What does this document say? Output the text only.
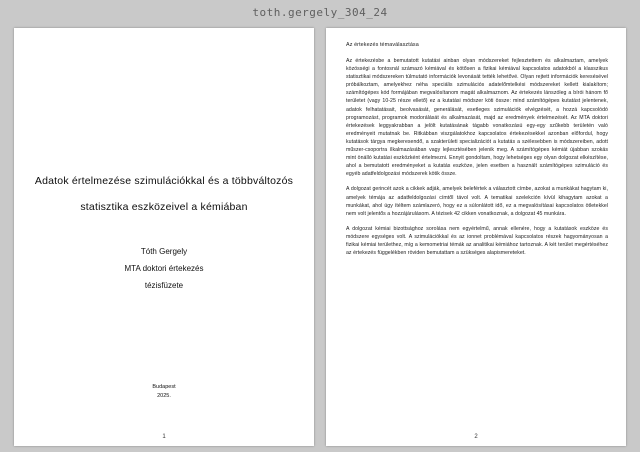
toth.gergely_304_24
Adatok értelmezése szimulációkkal és a többváltozós
statisztika eszközeivel a kémiában
Tóth Gergely
MTA doktori értekezés
tézisfüzete
Budapest
2025.
1
Az értekezés témaválasztása
Az értekezésbe a bemutatott kutatási ainban olyan módszereket fejlesztettem és alkalmaztam, amelyek közösségi a fontosnál számazó kémiával és kötősen a fizikai kémiával kapcsolatos adatokból a klasszikus statisztikai módszereken túlmutató információk levonását tették lehetővé. Olyan rejtett információk keresésével próbálkoztam, amelyekhez néha speciális szimulációs adatelőmtelkési módszereket kellett kialakítom; számítógépes kód formájában megvalósítanom magát alkalmaznom. Az értekezés lánszóleg a bírói hánom fő területet (vagy 10-25 része ellető) ez a kutatási módszer köti össze: mind számítógépes kutatást jelentenek, adatok felhatatásait, beolvasását, generálását, esetleges szimulációk elvégzését, a hozzá kapcsolódó programozást, programok modorálását és alkalmazását, majd az eredmények értelmezését. Az MTA doktori értekezések leggyakrabban a jelölt kutatásának tágabb vonatkozású egy-egy szűkebb területén való eredményeit mutatnak be. Ritkábban viszgálatokhoz kapcsolatos értekezésekkel azonban előfordul, hogy kutatások tárgya megkeresendő, a szakterületi specializációt a kutatás a szélesebben is módszereiben, adott műszer-csoportra ílkalmazásában vagy lejlesztésében jelenik meg. A számítógépes kémiát újabban szokás mint önálló kutatási eszközként értelmezni. Ennyit gondoltam, hogy lehetséges egy olyan dolgozat elkészítése, ahol a bemutatott eredményeket a kutatás eszköze, jelen esetben a használt számítógépes szimuláció és egyéb adatfeldolgozási módszerek kötik össze.
A dolgozat gerincét azok a cikkek adják, amelyek belefértek a választott címbe, azokat a munkákat hagytam ki, amelyek témája az adatfeldolgozási címtől távol volt. A tematikai szelekción kívül kihagytam azokat a munkákat, ahol úgy ítéltem számlazeró, hogy ez a súlonlátott idő, ez a megvalósításai kapcsolatos ötletekkel nem volt jelentős a hozzájárulásom. A tézisek 42 cikken vonatkoznak, a dolgozat 45 munkára.
A dolgozat kémiai bizottsághoz sorolása nem egyértelmű, annak ellenére, hogy a kutatások eszköze és módszere egységes volt. A szimulációkkal és az ionnet problémával kapcsolatos részek hagyományosan a fizikai kémiai területhez, míg a kemometriai témák az analitikai kémiához tartoznak. A két terület megértéséhez az értekezés függelékben röviden bemutattam a szükséges alapismereteket.
2
